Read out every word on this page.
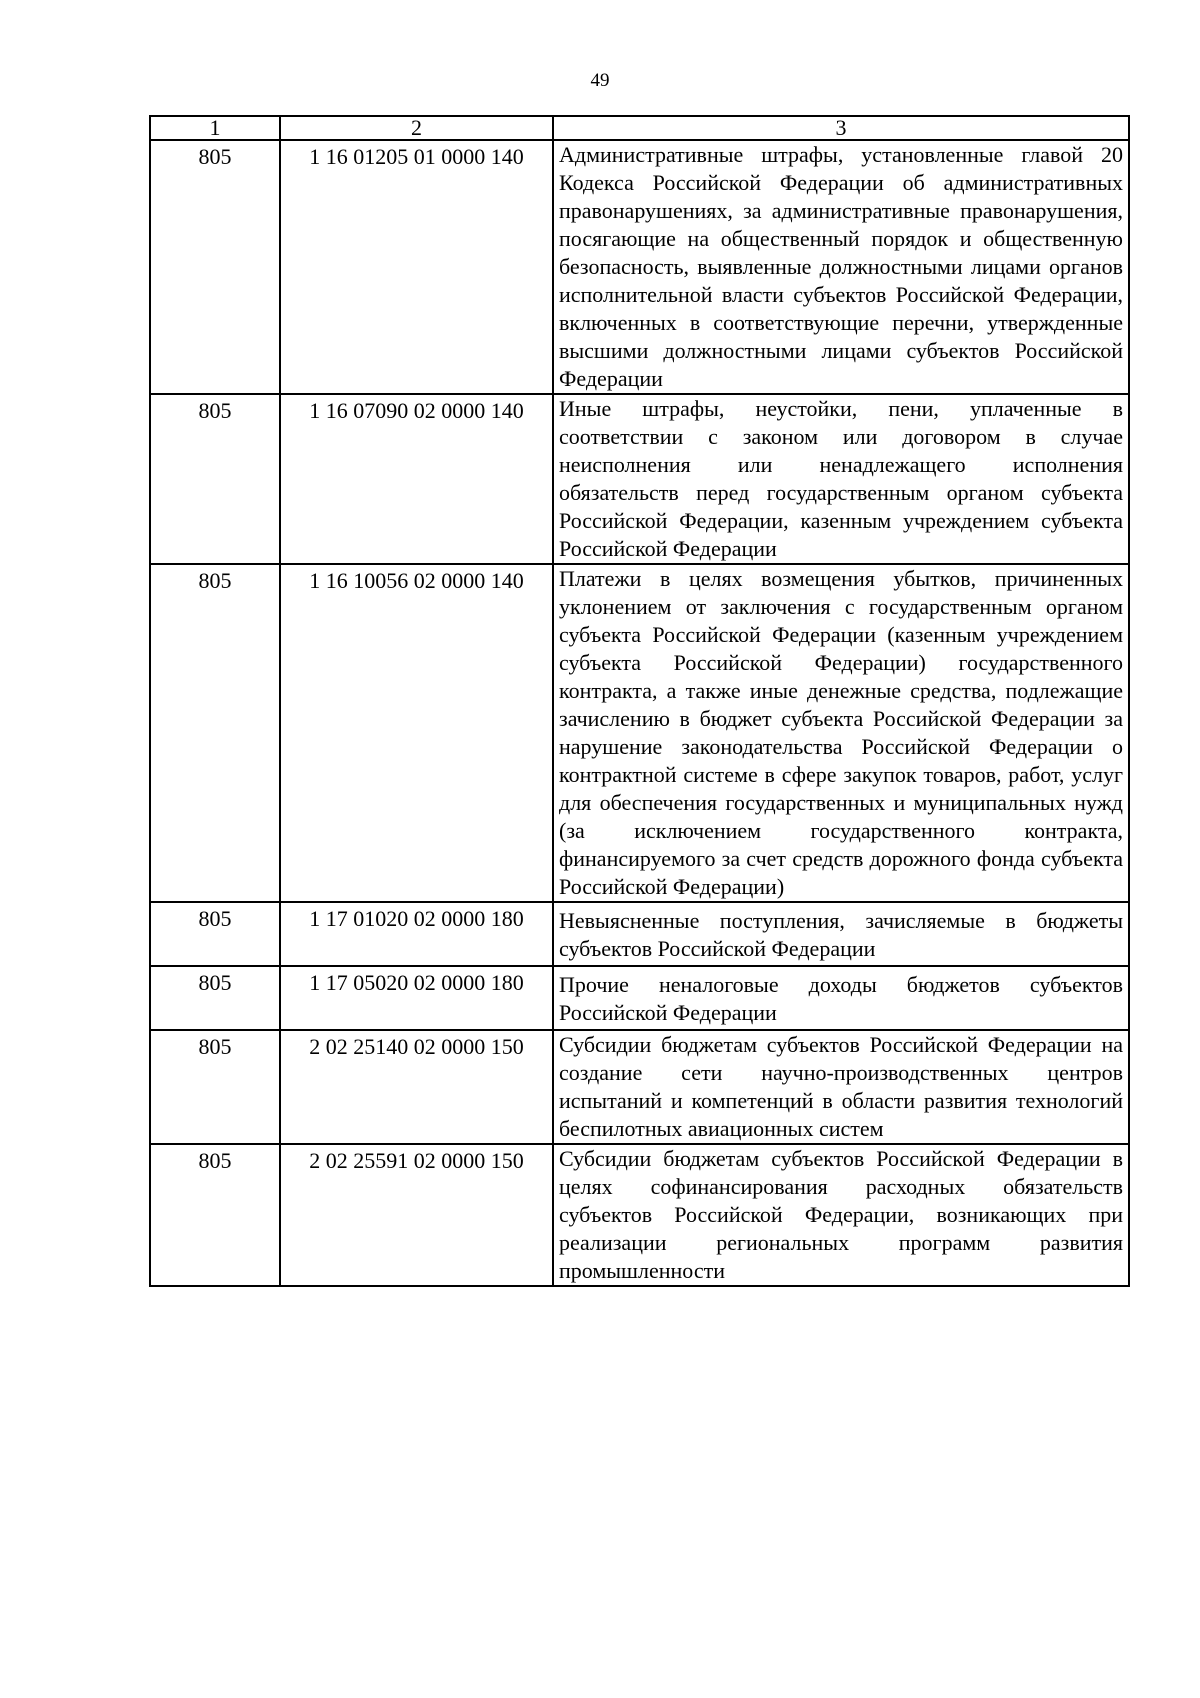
49
1	2	3
805	1 16 01205 01 0000 140	Административные штрафы, установленные главой 20 Кодекса Российской Федерации об административных правонарушениях, за административные правонарушения, посягающие на общественный порядок и общественную безопасность, выявленные должностными лицами органов исполнительной власти субъектов Российской Федерации, включенных в соответствующие перечни, утвержденные высшими должностными лицами субъектов Российской Федерации
805	1 16 07090 02 0000 140	Иные штрафы, неустойки, пени, уплаченные в соответствии с законом или договором в случае неисполнения или ненадлежащего исполнения обязательств перед государственным органом субъекта Российской Федерации, казенным учреждением субъекта Российской Федерации
805	1 16 10056 02 0000 140	Платежи в целях возмещения убытков, причиненных уклонением от заключения с государственным органом субъекта Российской Федерации (казенным учреждением субъекта Российской Федерации) государственного контракта, а также иные денежные средства, подлежащие зачислению в бюджет субъекта Российской Федерации за нарушение законодательства Российской Федерации о контрактной системе в сфере закупок товаров, работ, услуг для обеспечения государственных и муниципальных нужд (за исключением государственного контракта, финансируемого за счет средств дорожного фонда субъекта Российской Федерации)
805	1 17 01020 02 0000 180	Невыясненные поступления, зачисляемые в бюджеты субъектов Российской Федерации
805	1 17 05020 02 0000 180	Прочие неналоговые доходы бюджетов субъектов Российской Федерации
805	2 02 25140 02 0000 150	Субсидии бюджетам субъектов Российской Федерации на создание сети научно-производственных центров испытаний и компетенций в области развития технологий беспилотных авиационных систем
805	2 02 25591 02 0000 150	Субсидии бюджетам субъектов Российской Федерации в целях софинансирования расходных обязательств субъектов Российской Федерации, возникающих при реализации региональных программ развития промышленности
